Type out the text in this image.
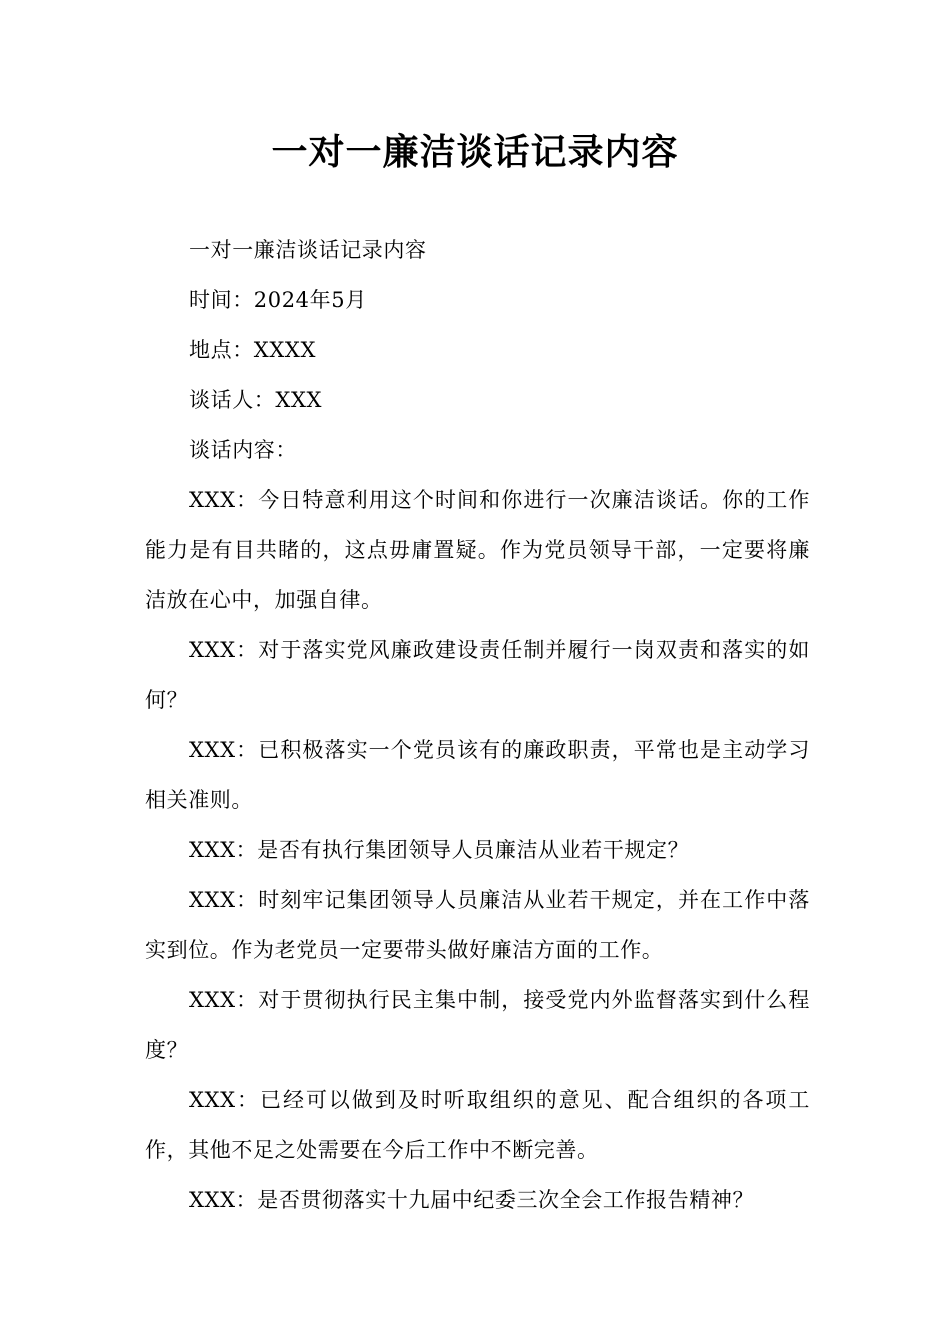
一对一廉洁谈话记录内容

一对一廉洁谈话记录内容

时间：2024年5月

地点：XXXX

谈话人：XXX

谈话内容：

XXX：今日特意利用这个时间和你进行一次廉洁谈话。你的工作能力是有目共睹的，这点毋庸置疑。作为党员领导干部，一定要将廉洁放在心中，加强自律。

XXX：对于落实党风廉政建设责任制并履行一岗双责和落实的如何？

XXX：已积极落实一个党员该有的廉政职责，平常也是主动学习相关准则。

XXX：是否有执行集团领导人员廉洁从业若干规定？

XXX：时刻牢记集团领导人员廉洁从业若干规定，并在工作中落实到位。作为老党员一定要带头做好廉洁方面的工作。

XXX：对于贯彻执行民主集中制，接受党内外监督落实到什么程度？

XXX：已经可以做到及时听取组织的意见、配合组织的各项工作，其他不足之处需要在今后工作中不断完善。

XXX：是否贯彻落实十九届中纪委三次全会工作报告精神？
